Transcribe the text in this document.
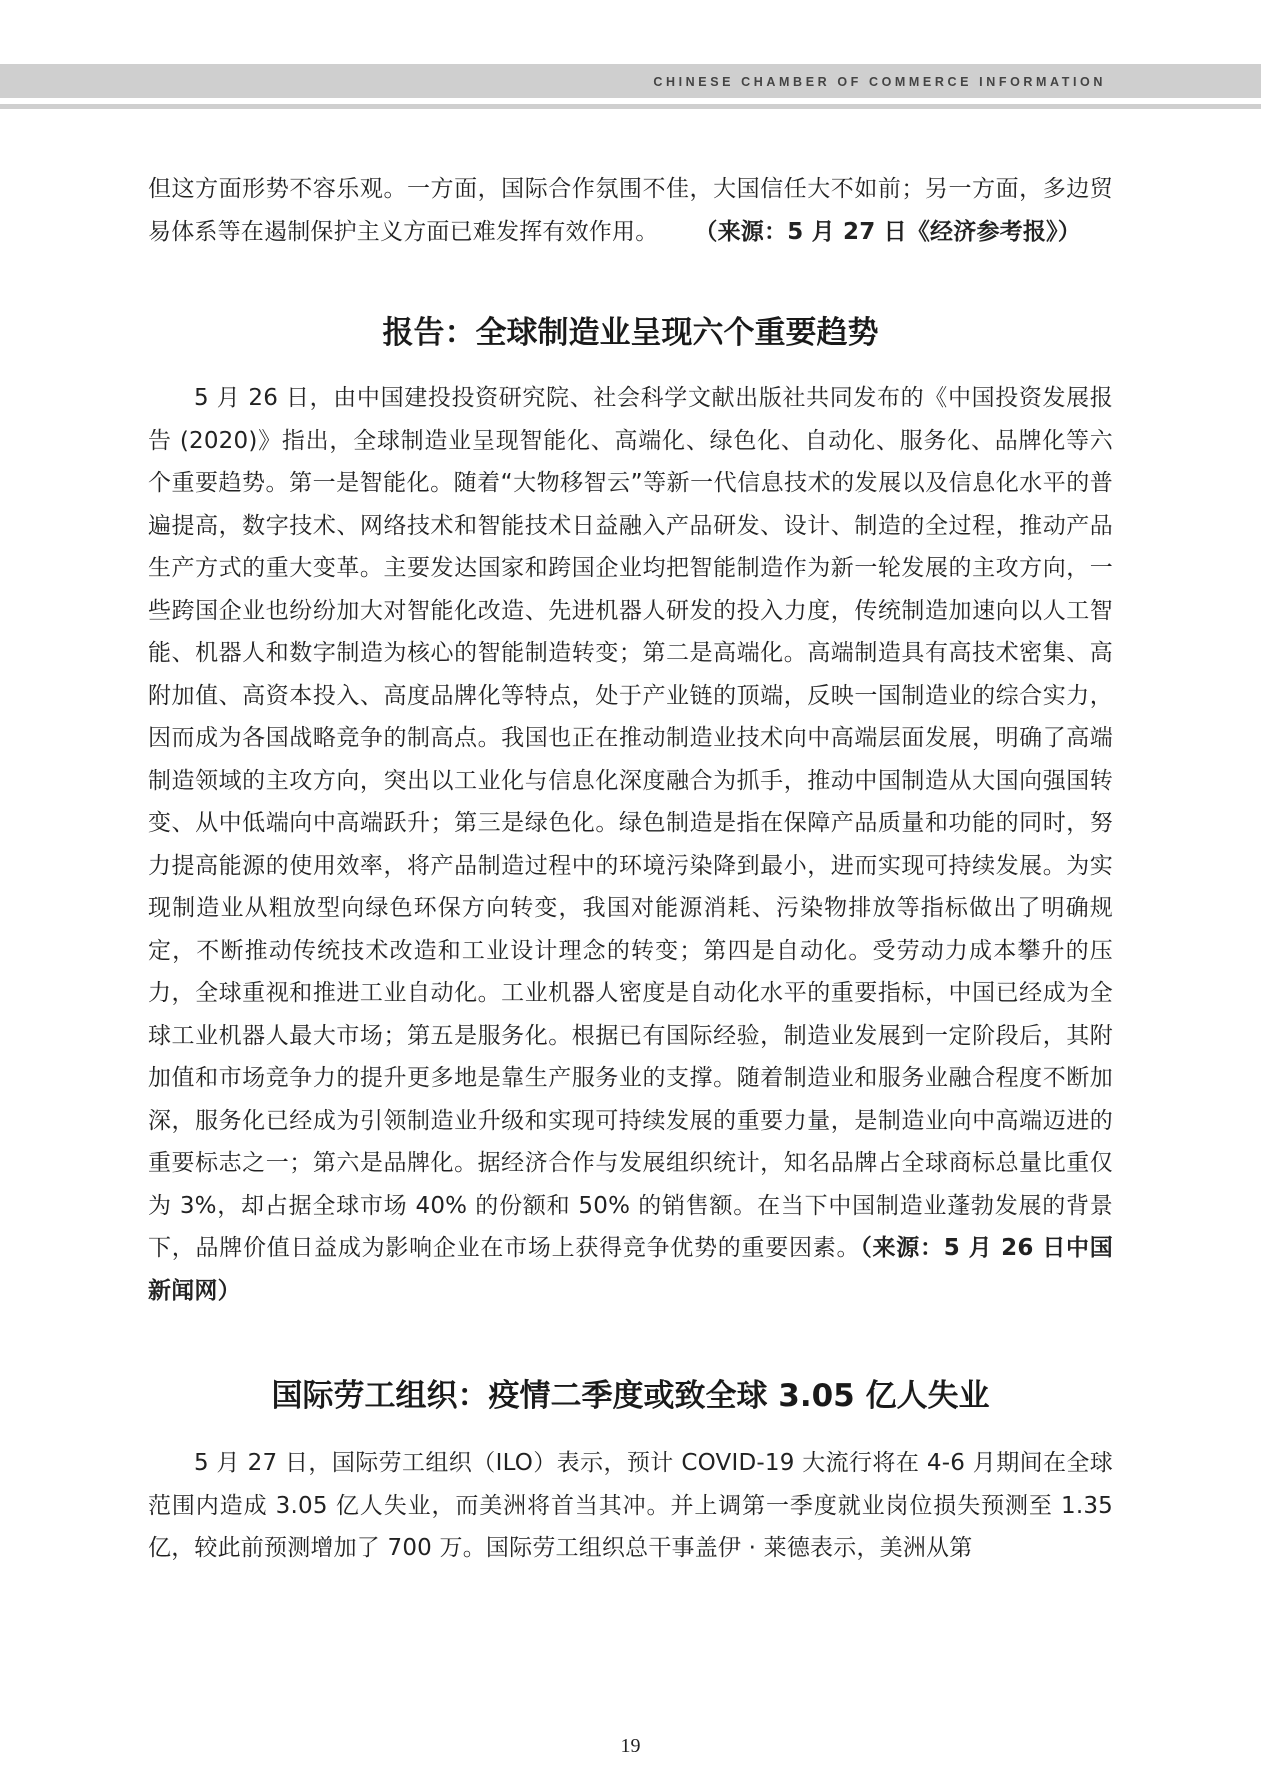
CHINESE CHAMBER OF COMMERCE INFORMATION

但这方面形势不容乐观。一方面，国际合作氛围不佳，大国信任大不如前；另一方面，多边贸易体系等在遏制保护主义方面已难发挥有效作用。 （来源：5 月 27 日《经济参考报》）

报告：全球制造业呈现六个重要趋势

5 月 26 日，由中国建投投资研究院、社会科学文献出版社共同发布的《中国投资发展报告 (2020)》指出，全球制造业呈现智能化、高端化、绿色化、自动化、服务化、品牌化等六个重要趋势。第一是智能化。随着“大物移智云”等新一代信息技术的发展以及信息化水平的普遍提高，数字技术、网络技术和智能技术日益融入产品研发、设计、制造的全过程，推动产品生产方式的重大变革。主要发达国家和跨国企业均把智能制造作为新一轮发展的主攻方向，一些跨国企业也纷纷加大对智能化改造、先进机器人研发的投入力度，传统制造加速向以人工智能、机器人和数字制造为核心的智能制造转变；第二是高端化。高端制造具有高技术密集、高附加值、高资本投入、高度品牌化等特点，处于产业链的顶端，反映一国制造业的综合实力，因而成为各国战略竞争的制高点。我国也正在推动制造业技术向中高端层面发展，明确了高端制造领域的主攻方向，突出以工业化与信息化深度融合为抓手，推动中国制造从大国向强国转变、从中低端向中高端跃升；第三是绿色化。绿色制造是指在保障产品质量和功能的同时，努力提高能源的使用效率，将产品制造过程中的环境污染降到最小，进而实现可持续发展。为实现制造业从粗放型向绿色环保方向转变，我国对能源消耗、污染物排放等指标做出了明确规定，不断推动传统技术改造和工业设计理念的转变；第四是自动化。受劳动力成本攀升的压力，全球重视和推进工业自动化。工业机器人密度是自动化水平的重要指标，中国已经成为全球工业机器人最大市场；第五是服务化。根据已有国际经验，制造业发展到一定阶段后，其附加值和市场竞争力的提升更多地是靠生产服务业的支撑。随着制造业和服务业融合程度不断加深，服务化已经成为引领制造业升级和实现可持续发展的重要力量，是制造业向中高端迈进的重要标志之一；第六是品牌化。据经济合作与发展组织统计，知名品牌占全球商标总量比重仅为 3%，却占据全球市场 40% 的份额和 50% 的销售额。在当下中国制造业蓬勃发展的背景下，品牌价值日益成为影响企业在市场上获得竞争优势的重要因素。（来源：5 月 26 日中国新闻网）

国际劳工组织：疫情二季度或致全球 3.05 亿人失业

5 月 27 日，国际劳工组织（ILO）表示，预计 COVID-19 大流行将在 4-6 月期间在全球范围内造成 3.05 亿人失业，而美洲将首当其冲。并上调第一季度就业岗位损失预测至 1.35 亿，较此前预测增加了 700 万。国际劳工组织总干事盖伊 · 莱德表示，美洲从第

19
